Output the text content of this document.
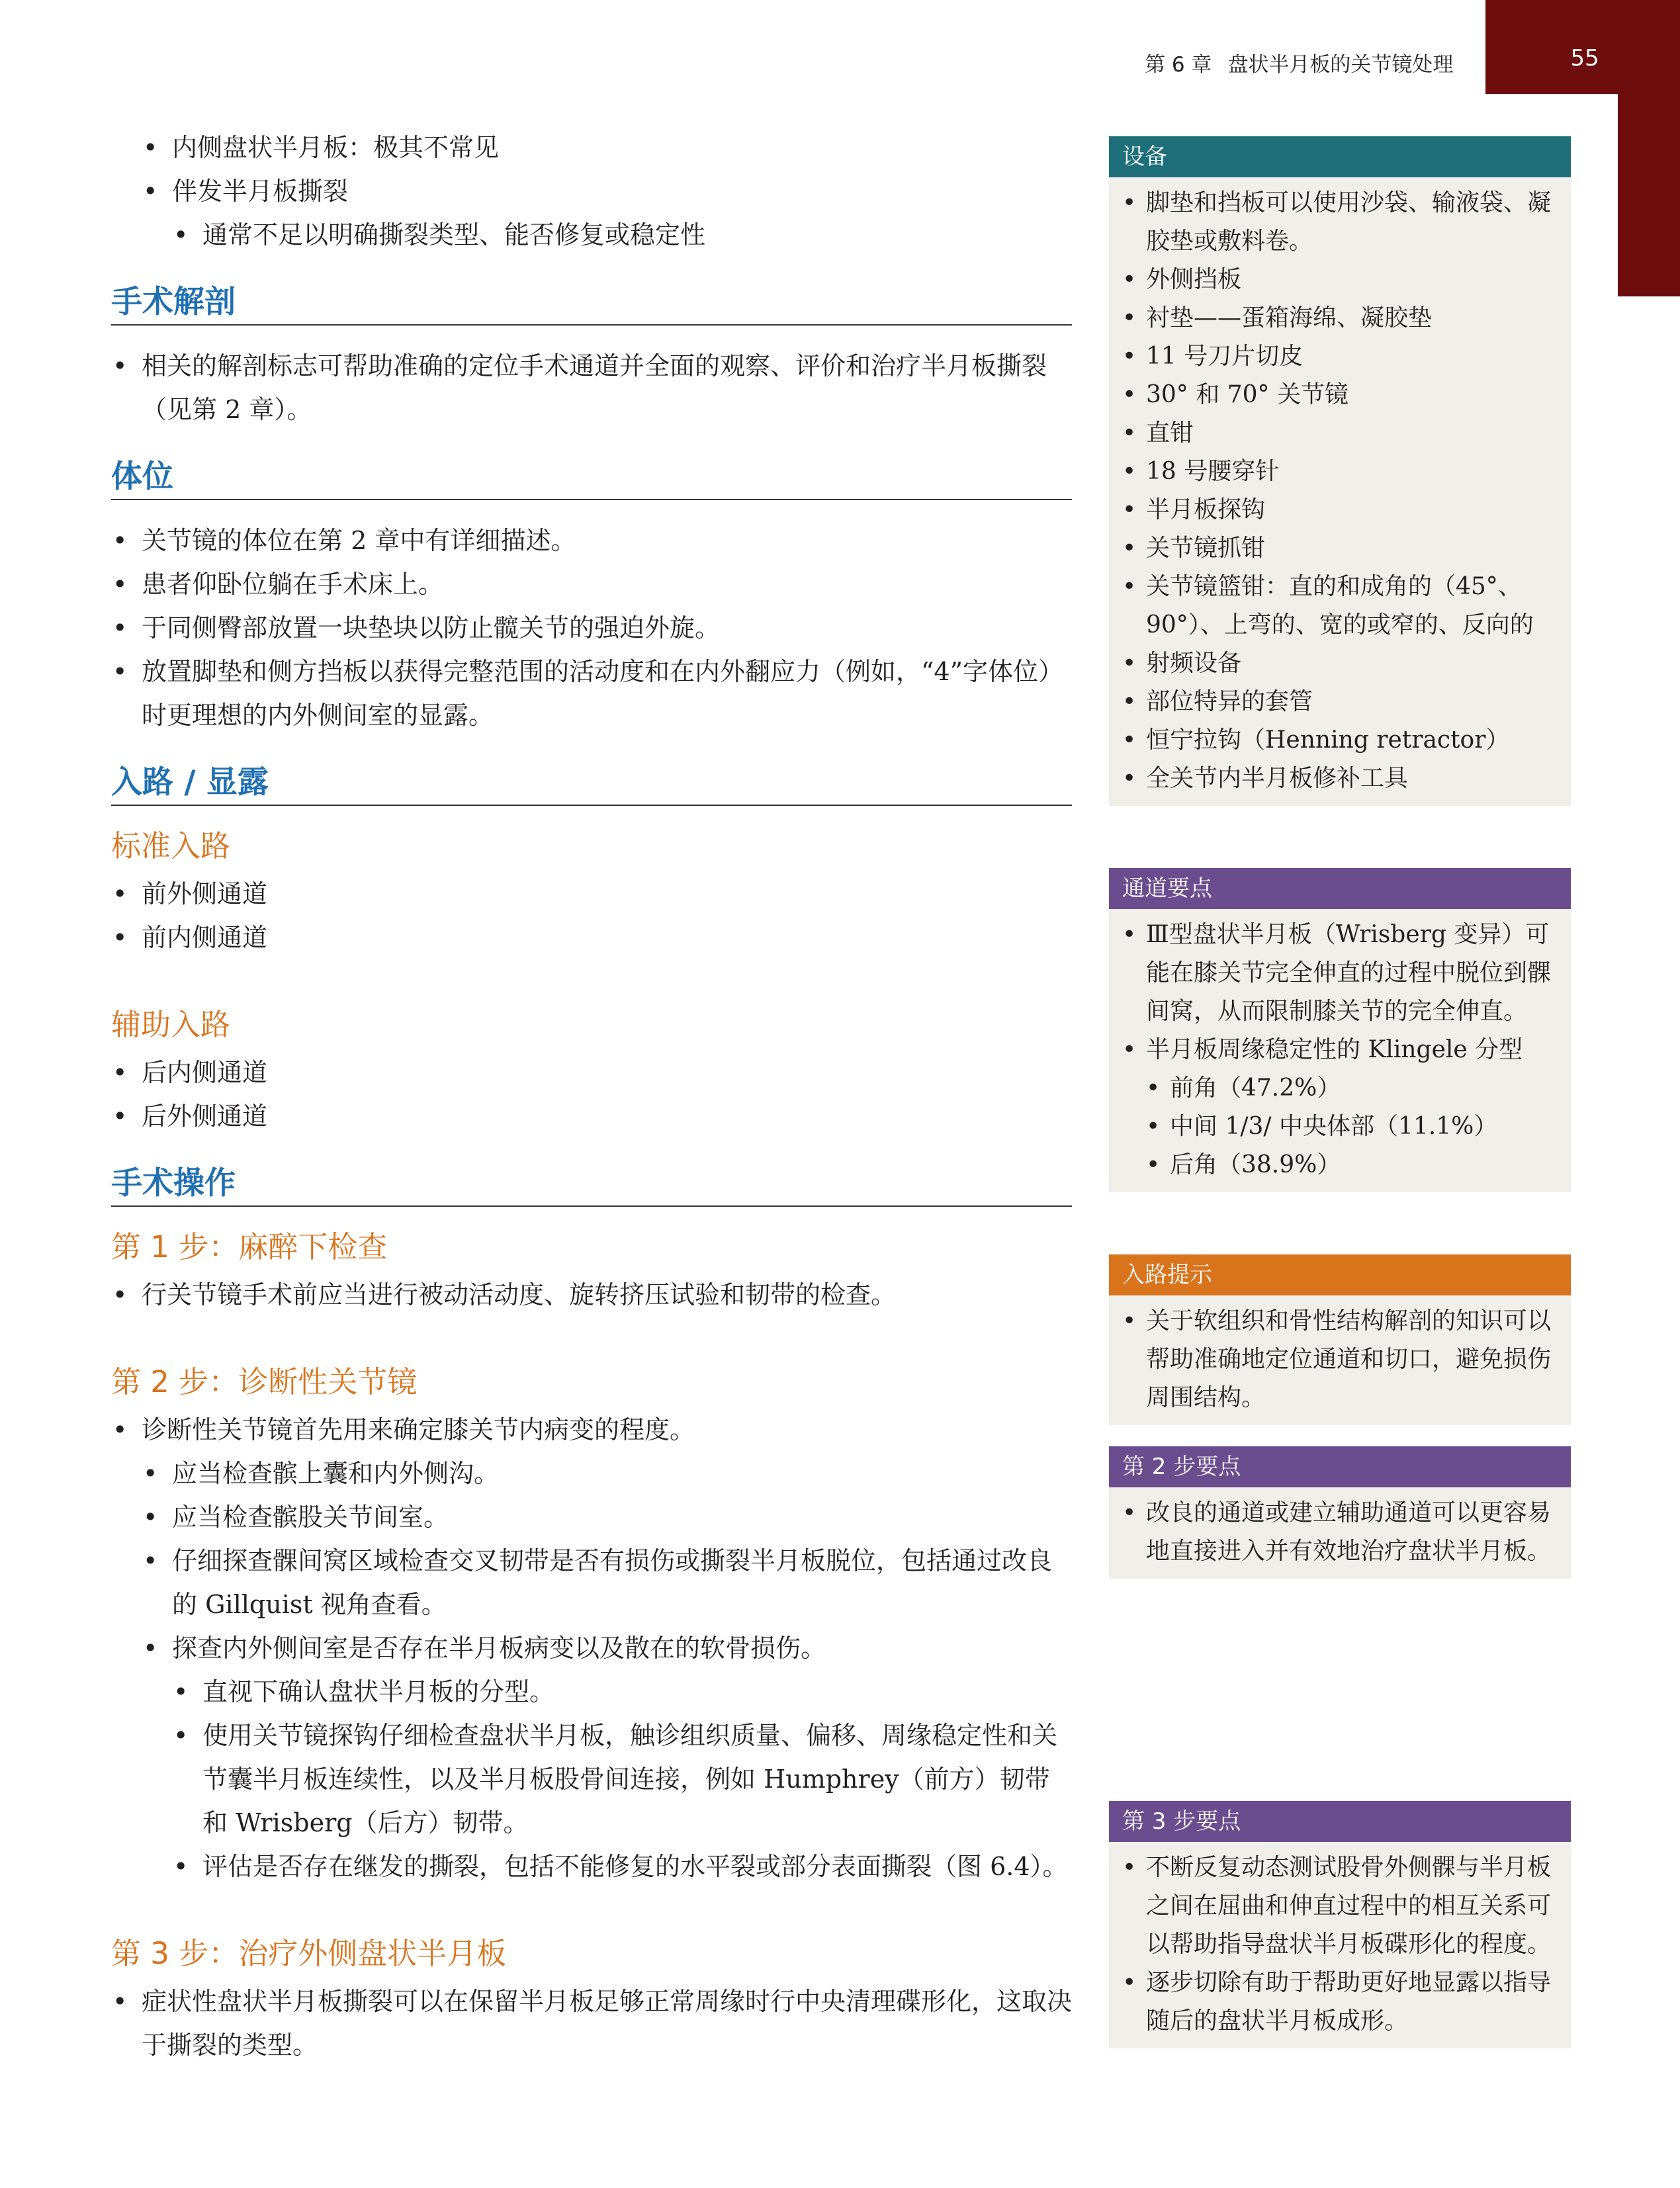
第 6 章 盘状半月板的关节镜处理	55
• 内侧盘状半月板：极其不常见
• 伴发半月板撕裂
• 通常不足以明确撕裂类型、能否修复或稳定性
手术解剖
• 相关的解剖标志可帮助准确的定位手术通道并全面的观察、评价和治疗半月板撕裂（见第 2 章）。
体位
• 关节镜的体位在第 2 章中有详细描述。
• 患者仰卧位躺在手术床上。
• 于同侧臀部放置一块垫块以防止髋关节的强迫外旋。
• 放置脚垫和侧方挡板以获得完整范围的活动度和在内外翻应力（例如，“4”字体位）时更理想的内外侧间室的显露。
入路 / 显露
标准入路
• 前外侧通道
• 前内侧通道
辅助入路
• 后内侧通道
• 后外侧通道
手术操作
第 1 步：麻醉下检查
• 行关节镜手术前应当进行被动活动度、旋转挤压试验和韧带的检查。
第 2 步：诊断性关节镜
• 诊断性关节镜首先用来确定膝关节内病变的程度。
• 应当检查髌上囊和内外侧沟。
• 应当检查髌股关节间室。
• 仔细探查髁间窝区域检查交叉韧带是否有损伤或撕裂半月板脱位，包括通过改良的 Gillquist 视角查看。
• 探查内外侧间室是否存在半月板病变以及散在的软骨损伤。
• 直视下确认盘状半月板的分型。
• 使用关节镜探钩仔细检查盘状半月板，触诊组织质量、偏移、周缘稳定性和关节囊半月板连续性，以及半月板股骨间连接，例如 Humphrey（前方）韧带和 Wrisberg（后方）韧带。
• 评估是否存在继发的撕裂，包括不能修复的水平裂或部分表面撕裂（图 6.4）。
第 3 步：治疗外侧盘状半月板
• 症状性盘状半月板撕裂可以在保留半月板足够正常周缘时行中央清理碟形化，这取决于撕裂的类型。
设备
• 脚垫和挡板可以使用沙袋、输液袋、凝胶垫或敷料卷。
• 外侧挡板
• 衬垫——蛋箱海绵、凝胶垫
• 11 号刀片切皮
• 30° 和 70° 关节镜
• 直钳
• 18 号腰穿针
• 半月板探钩
• 关节镜抓钳
• 关节镜篮钳：直的和成角的（45°、90°）、上弯的、宽的或窄的、反向的
• 射频设备
• 部位特异的套管
• 恒宁拉钩（Henning retractor）
• 全关节内半月板修补工具
通道要点
• Ⅲ型盘状半月板（Wrisberg 变异）可能在膝关节完全伸直的过程中脱位到髁间窝，从而限制膝关节的完全伸直。
• 半月板周缘稳定性的 Klingele 分型
• 前角（47.2%）
• 中间 1/3/ 中央体部（11.1%）
• 后角（38.9%）
入路提示
• 关于软组织和骨性结构解剖的知识可以帮助准确地定位通道和切口，避免损伤周围结构。
第 2 步要点
• 改良的通道或建立辅助通道可以更容易地直接进入并有效地治疗盘状半月板。
第 3 步要点
• 不断反复动态测试股骨外侧髁与半月板之间在屈曲和伸直过程中的相互关系可以帮助指导盘状半月板碟形化的程度。
• 逐步切除有助于帮助更好地显露以指导随后的盘状半月板成形。
